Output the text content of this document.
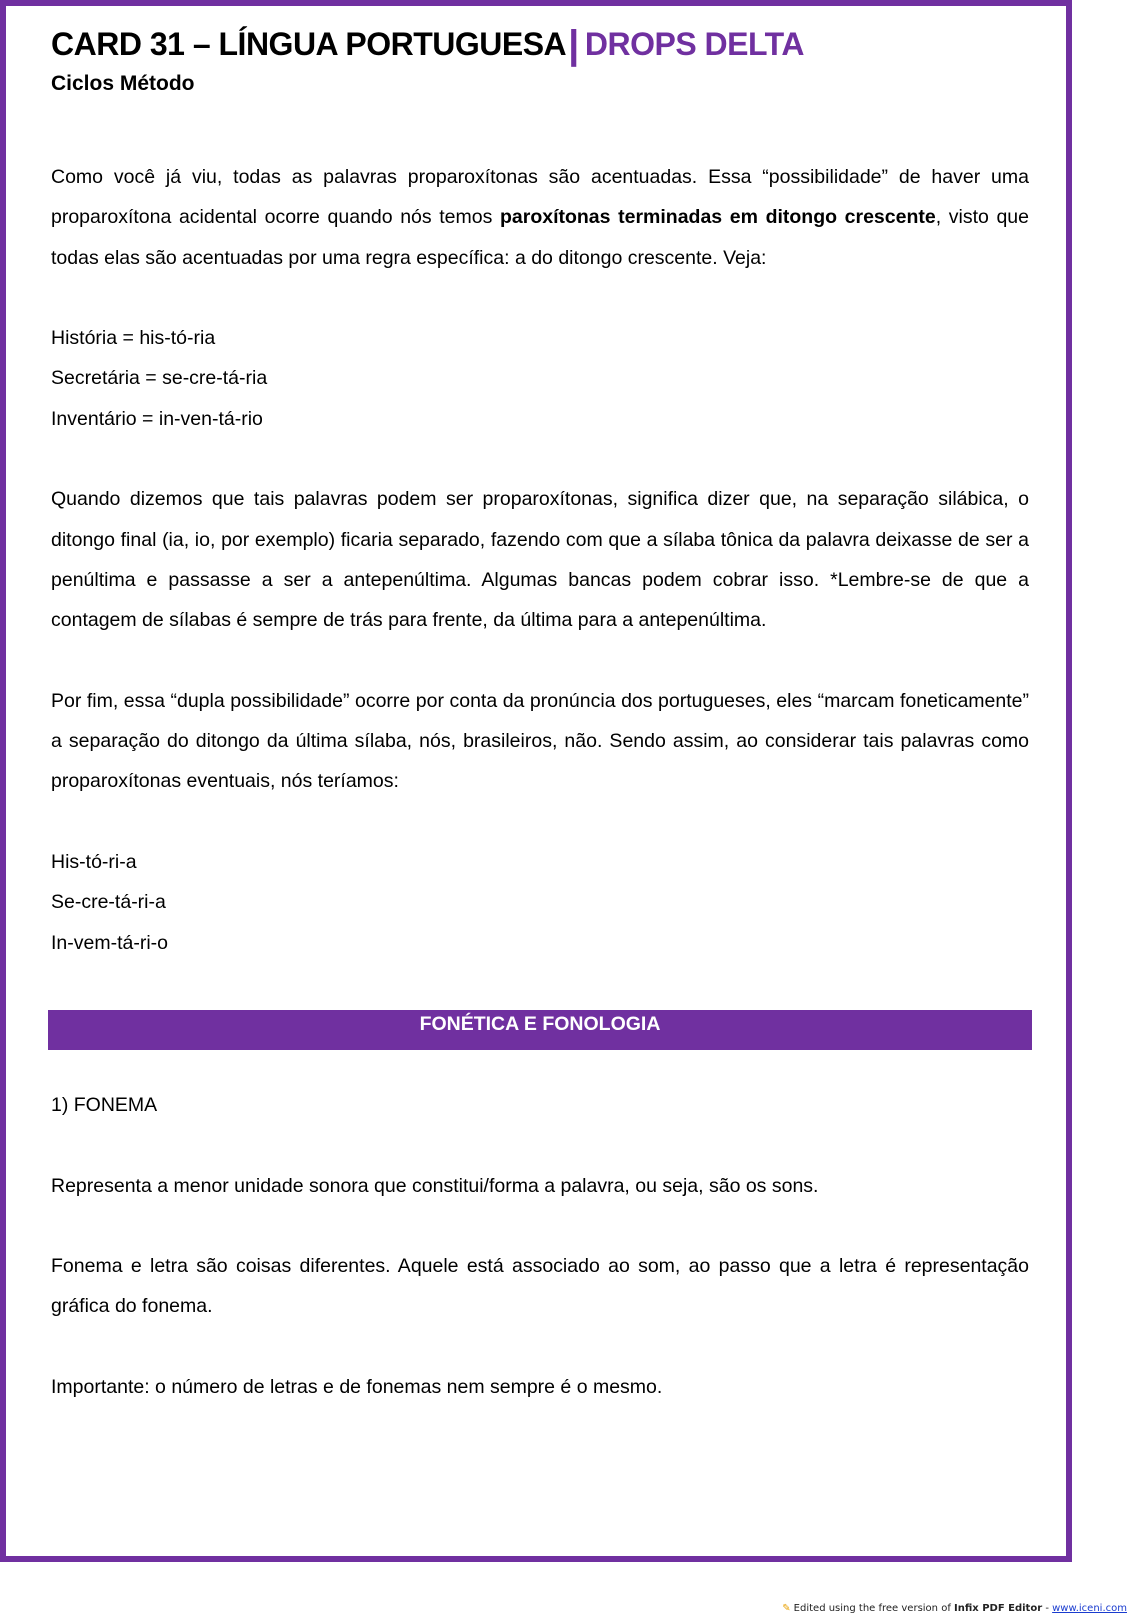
CARD 31 – LÍNGUA PORTUGUESA| DROPS DELTA
Ciclos Método

Como você já viu, todas as palavras proparoxítonas são acentuadas. Essa “possibilidade” de haver uma proparoxítona acidental ocorre quando nós temos paroxítonas terminadas em ditongo crescente, visto que todas elas são acentuadas por uma regra específica: a do ditongo crescente. Veja:

História = his-tó-ria

Secretária = se-cre-tá-ria

Inventário = in-ven-tá-rio

Quando dizemos que tais palavras podem ser proparoxítonas, significa dizer que, na separação silábica, o ditongo final (ia, io, por exemplo) ficaria separado, fazendo com que a sílaba tônica da palavra deixasse de ser a penúltima e passasse a ser a antepenúltima. Algumas bancas podem cobrar isso. *Lembre-se de que a contagem de sílabas é sempre de trás para frente, da última para a antepenúltima.

Por fim, essa “dupla possibilidade” ocorre por conta da pronúncia dos portugueses, eles “marcam foneticamente” a separação do ditongo da última sílaba, nós, brasileiros, não. Sendo assim, ao considerar tais palavras como proparoxítonas eventuais, nós teríamos:

His-tó-ri-a

Se-cre-tá-ri-a

In-vem-tá-ri-o

FONÉTICA E FONOLOGIA

1) FONEMA

Representa a menor unidade sonora que constitui/forma a palavra, ou seja, são os sons.

Fonema e letra são coisas diferentes. Aquele está associado ao som, ao passo que a letra é representação gráfica do fonema.

Importante: o número de letras e de fonemas nem sempre é o mesmo.

✎ Edited using the free version of Infix PDF Editor - www.iceni.com
